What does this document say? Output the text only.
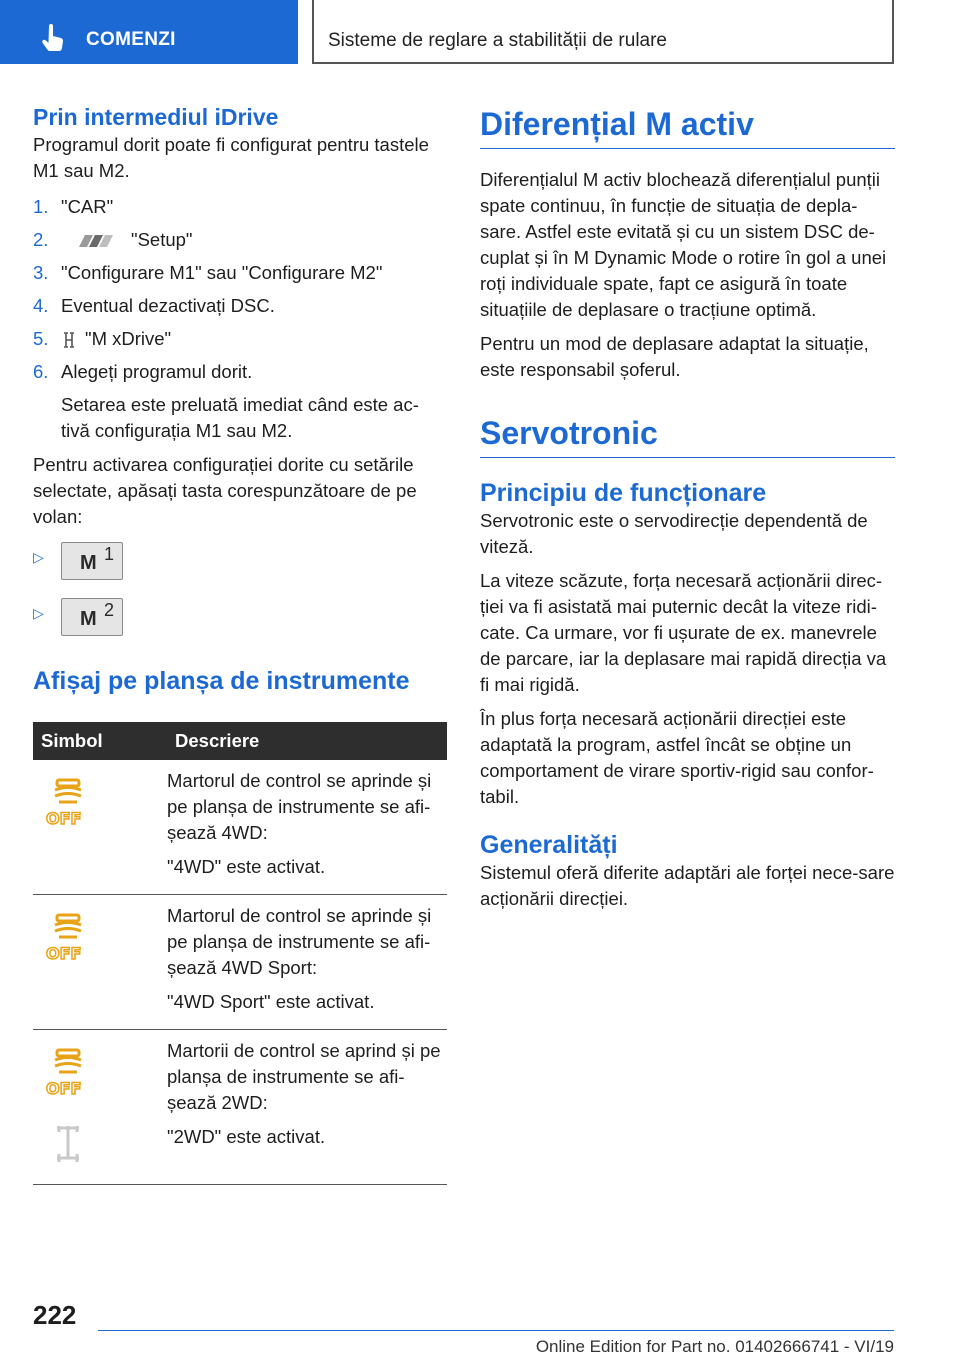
COMENZI	Sisteme de reglare a stabilității de rulare
Prin intermediul iDrive

Programul dorit poate fi configurat pentru tastele M1 sau M2.

1. "CAR"
2.	"Setup"
3. "Configurare M1" sau "Configurare M2"
4. Eventual dezactivați DSC.
5. "M xDrive"
6. Alegeți programul dorit.

Setarea este preluată imediat când este ac-tivă configurația M1 sau M2.

Pentru activarea configurației dorite cu setările selectate, apăsați tasta corespunzătoare de pe volan:

▷	M 1
▷	M 2
Afișaj pe planșa de instrumente
Simbol	Descriere

OFF	Martorul de control se aprinde și pe planșa de instrumente se afi-șează 4WD:

"4WD" este activat.

OFF	Martorul de control se aprinde și pe planșa de instrumente se afi-șează 4WD Sport:

"4WD Sport" este activat.

OFF	Martorii de control se aprind și pe planșa de instrumente se afi-șează 2WD:

"2WD" este activat.

Diferențial M activ

Diferențialul M activ blochează diferențialul punții spate continuu, în funcție de situația de depla-sare. Astfel este evitată și cu un sistem DSC de-cuplat și în M Dynamic Mode o rotire în gol a unei roți individuale spate, fapt ce asigură în toate situațiile de deplasare o tracțiune optimă.

Pentru un mod de deplasare adaptat la situație, este responsabil șoferul.

Servotronic
Principiu de funcționare

Servotronic este o servodirecție dependentă de viteză.

La viteze scăzute, forța necesară acționării direc-ției va fi asistată mai puternic decât la viteze ridi-cate. Ca urmare, vor fi ușurate de ex. manevrele de parcare, iar la deplasare mai rapidă direcția va fi mai rigidă.

În plus forța necesară acționării direcției este adaptată la program, astfel încât se obține un comportament de virare sportiv-rigid sau confor-tabil.

Generalități

Sistemul oferă diferite adaptări ale forței nece-sare acționării direcției.

222
Online Edition for Part no. 01402666741 - VI/19
